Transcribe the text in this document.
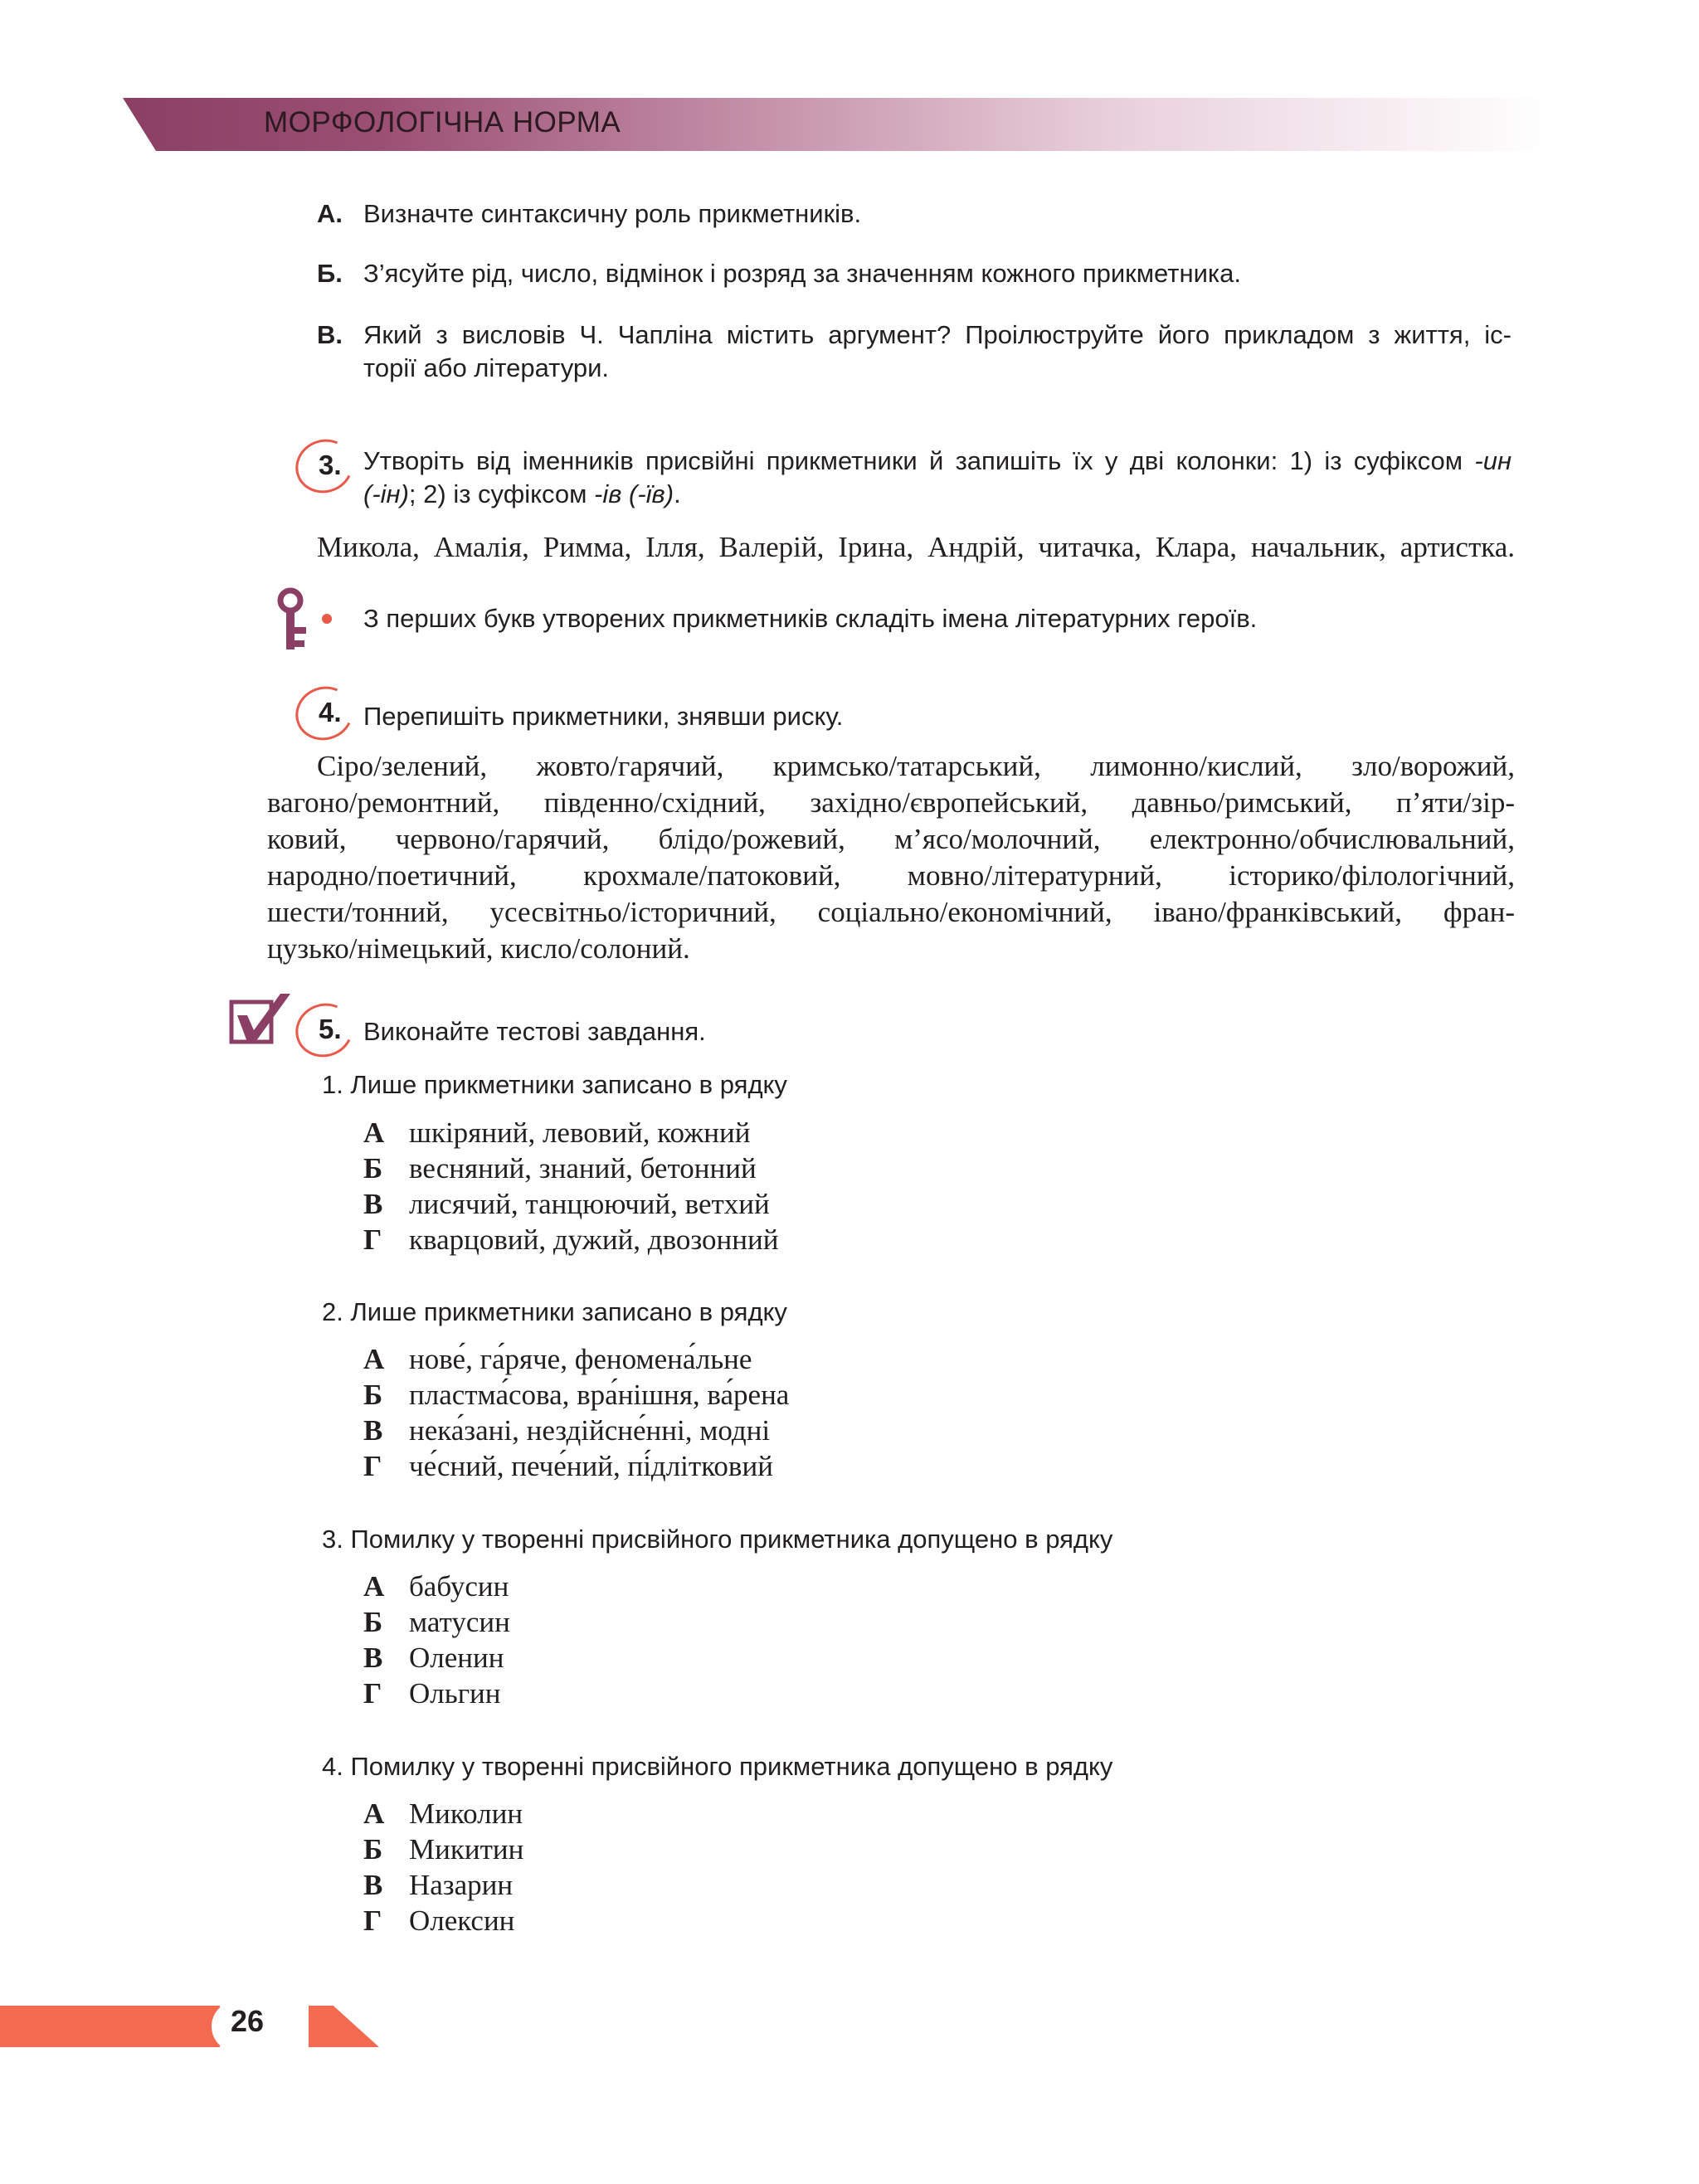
МОРФОЛОГІЧНА НОРМА
А. Визначте синтаксичну роль прикметників.
Б. З’ясуйте рід, число, відмінок і розряд за значенням кожного прикметника.
В. Який з висловів Ч. Чапліна містить аргумент? Проілюструйте його прикладом з життя, іс-
торії або літератури.
3. Утворіть від іменників присвійні прикметники й запишіть їх у дві колонки: 1) із суфіксом -ин
(-ін); 2) із суфіксом -ів (-їв).
Микола, Амалія, Римма, Ілля, Валерій, Ірина, Андрій, читачка, Клара, начальник, артистка.
З перших букв утворених прикметників складіть імена літературних героїв.
4. Перепишіть прикметники, знявши риску.
Сіро/зелений, жовто/гарячий, кримсько/татарський, лимонно/кислий, зло/ворожий,
вагоно/ремонтний, південно/східний, західно/європейський, давньо/римський, п’яти/зір-
ковий, червоно/гарячий, блідо/рожевий, м’ясо/молочний, електронно/обчислювальний,
народно/поетичний, крохмале/патоковий, мовно/літературний, історико/філологічний,
шести/тонний, усесвітньо/історичний, соціально/економічний, івано/франківський, фран-
цузько/німецький, кисло/солоний.
5. Виконайте тестові завдання.
1. Лише прикметники записано в рядку
А шкіряний, левовий, кожний
Б весняний, знаний, бетонний
В лисячий, танцюючий, ветхий
Г кварцовий, дужий, двозонний
2. Лише прикметники записано в рядку
А нове́, га́ряче, феномена́льне
Б пластма́сова, вра́нішня, ва́рена
В нека́зані, нездійсне́нні, модні
Г че́сний, пече́ний, пі́длітковий
3. Помилку у творенні присвійного прикметника допущено в рядку
А бабусин
Б матусин
В Оленин
Г Ольгин
4. Помилку у творенні присвійного прикметника допущено в рядку
А Миколин
Б Микитин
В Назарин
Г Олексин
26
